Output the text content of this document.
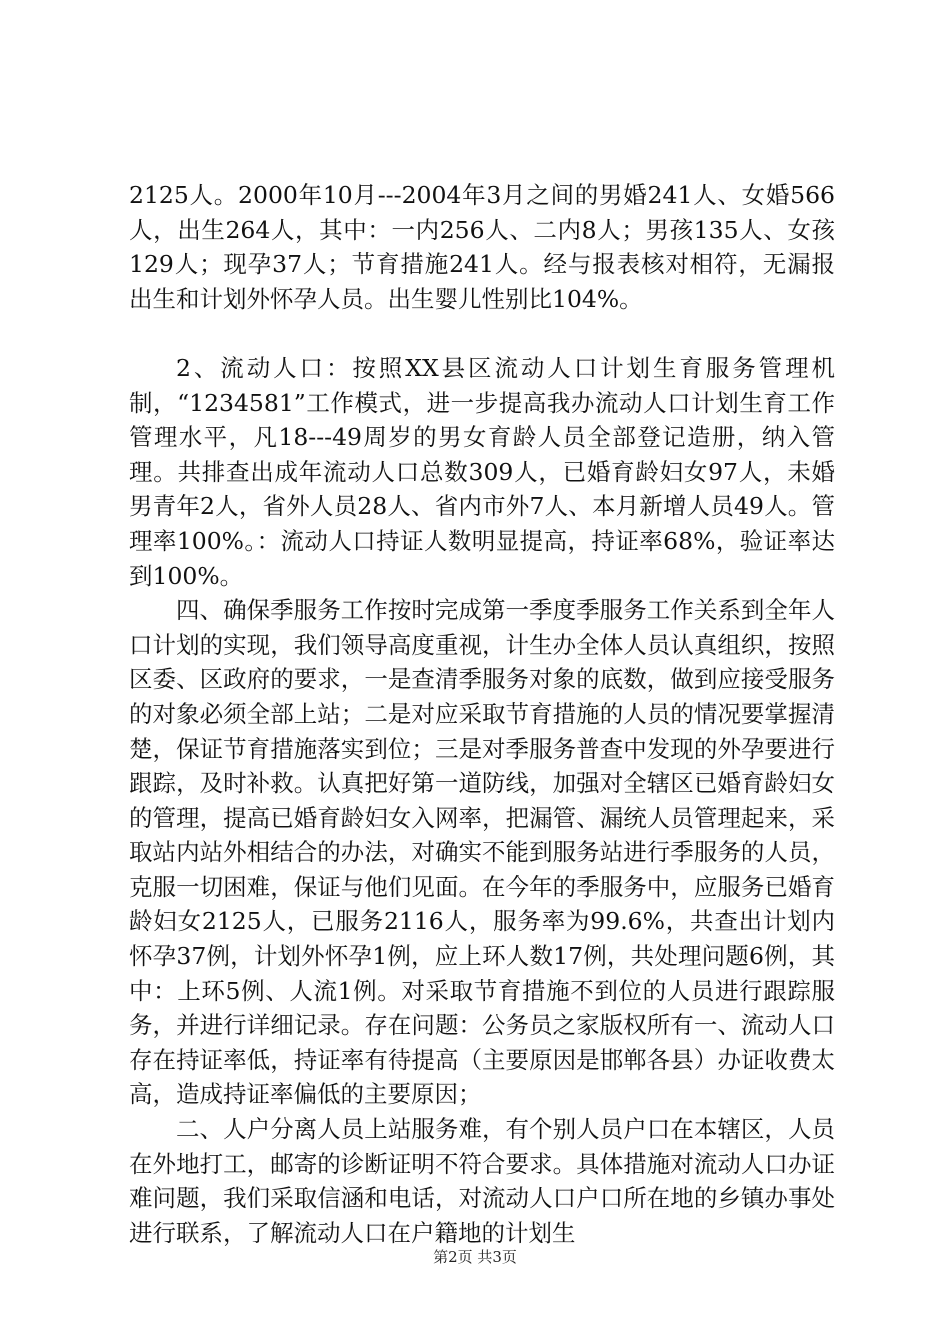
2125人。2000年10月---2004年3月之间的男婚241人、女婚566人，出生264人，其中：一内256人、二内8人；男孩135人、女孩129人；现孕37人；节育措施241人。经与报表核对相符，无漏报出生和计划外怀孕人员。出生婴儿性别比104%。

2、流动人口：按照XX县区流动人口计划生育服务管理机制，“1234581”工作模式，进一步提高我办流动人口计划生育工作管理水平，凡18---49周岁的男女育龄人员全部登记造册，纳入管理。共排查出成年流动人口总数309人，已婚育龄妇女97人，未婚男青年2人，省外人员28人、省内市外7人、本月新增人员49人。管理率100%。：流动人口持证人数明显提高，持证率68%，验证率达到100%。

四、确保季服务工作按时完成第一季度季服务工作关系到全年人口计划的实现，我们领导高度重视，计生办全体人员认真组织，按照区委、区政府的要求，一是查清季服务对象的底数，做到应接受服务的对象必须全部上站；二是对应采取节育措施的人员的情况要掌握清楚，保证节育措施落实到位；三是对季服务普查中发现的外孕要进行跟踪，及时补救。认真把好第一道防线，加强对全辖区已婚育龄妇女的管理，提高已婚育龄妇女入网率，把漏管、漏统人员管理起来，采取站内站外相结合的办法，对确实不能到服务站进行季服务的人员，克服一切困难，保证与他们见面。在今年的季服务中，应服务已婚育龄妇女2125人，已服务2116人，服务率为99.6%，共查出计划内怀孕37例，计划外怀孕1例，应上环人数17例，共处理问题6例，其中：上环5例、人流1例。对采取节育措施不到位的人员进行跟踪服务，并进行详细记录。存在问题：公务员之家版权所有一、流动人口存在持证率低，持证率有待提高（主要原因是邯郸各县）办证收费太高，造成持证率偏低的主要原因；

二、人户分离人员上站服务难，有个别人员户口在本辖区，人员在外地打工，邮寄的诊断证明不符合要求。具体措施对流动人口办证难问题，我们采取信涵和电话，对流动人口户口所在地的乡镇办事处进行联系，了解流动人口在户籍地的计划生

第2页 共3页
